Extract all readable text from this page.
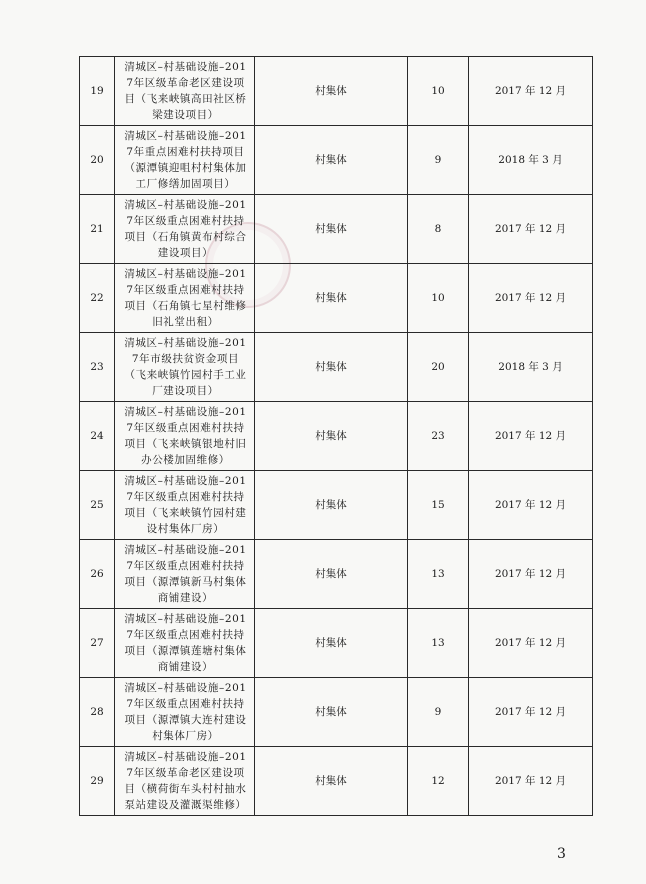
19	清城区–村基础设施–2017年区级革命老区建设项目（飞来峡镇高田社区桥梁建设项目）	村集体	10	2017 年 12 月
20	清城区–村基础设施–2017年重点困难村扶持项目（源潭镇迎咀村村集体加工厂修缮加固项目）	村集体	9	2018 年 3 月
21	清城区–村基础设施–2017年区级重点困难村扶持项目（石角镇黄布村综合建设项目）	村集体	8	2017 年 12 月
22	清城区–村基础设施–2017年区级重点困难村扶持项目（石角镇七星村维修旧礼堂出租）	村集体	10	2017 年 12 月
23	清城区–村基础设施–2017年市级扶贫资金项目（飞来峡镇竹园村手工业厂建设项目）	村集体	20	2018 年 3 月
24	清城区–村基础设施–2017年区级重点困难村扶持项目（飞来峡镇银地村旧办公楼加固维修）	村集体	23	2017 年 12 月
25	清城区–村基础设施–2017年区级重点困难村扶持项目（飞来峡镇竹园村建设村集体厂房）	村集体	15	2017 年 12 月
26	清城区–村基础设施–2017年区级重点困难村扶持项目（源潭镇新马村集体商铺建设）	村集体	13	2017 年 12 月
27	清城区–村基础设施–2017年区级重点困难村扶持项目（源潭镇莲塘村集体商铺建设）	村集体	13	2017 年 12 月
28	清城区–村基础设施–2017年区级重点困难村扶持项目（源潭镇大连村建设村集体厂房）	村集体	9	2017 年 12 月
29	清城区–村基础设施–2017年区级革命老区建设项目（横荷街车头村村抽水泵站建设及灌溉渠维修）	村集体	12	2017 年 12 月
3
